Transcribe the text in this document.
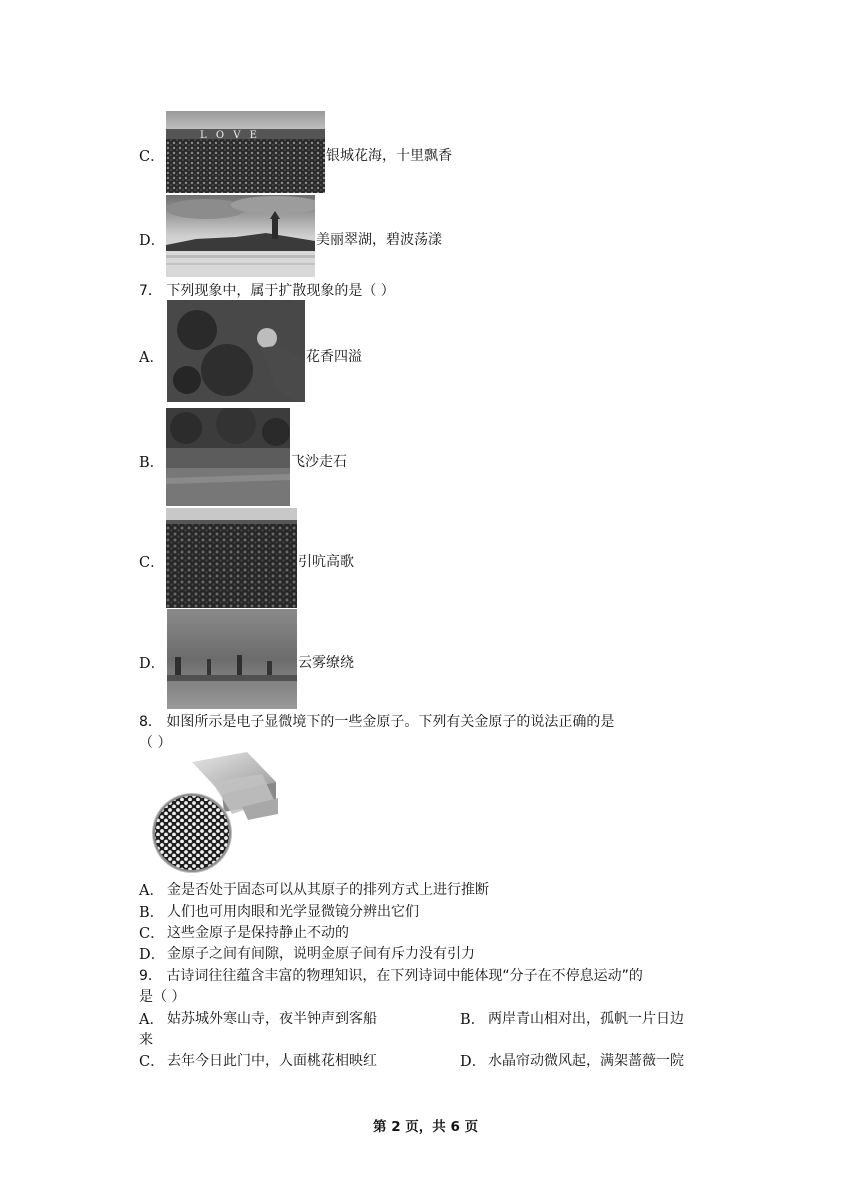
C．
L O V E
银城花海，十里飘香
D．	美丽翠湖，碧波荡漾
7． 下列现象中，属于扩散现象的是（ ）
A．	花香四溢
B．	飞沙走石
C．	引吭高歌
D．	云雾缭绕
8． 如图所示是电子显微境下的一些金原子。下列有关金原子的说法正确的是
（ ）
A． 金是否处于固态可以从其原子的排列方式上进行推断
B． 人们也可用肉眼和光学显微镜分辨出它们
C． 这些金原子是保持静止不动的
D． 金原子之间有间隙，说明金原子间有斥力没有引力
9． 古诗词往往蕴含丰富的物理知识，在下列诗词中能体现“分子在不停息运动”的
是（ ）
A． 姑苏城外寒山寺，夜半钟声到客船	B． 两岸青山相对出，孤帆一片日边
来
C． 去年今日此门中，人面桃花相映红	D． 水晶帘动微风起，满架蔷薇一院
第 2 页，共 6 页
